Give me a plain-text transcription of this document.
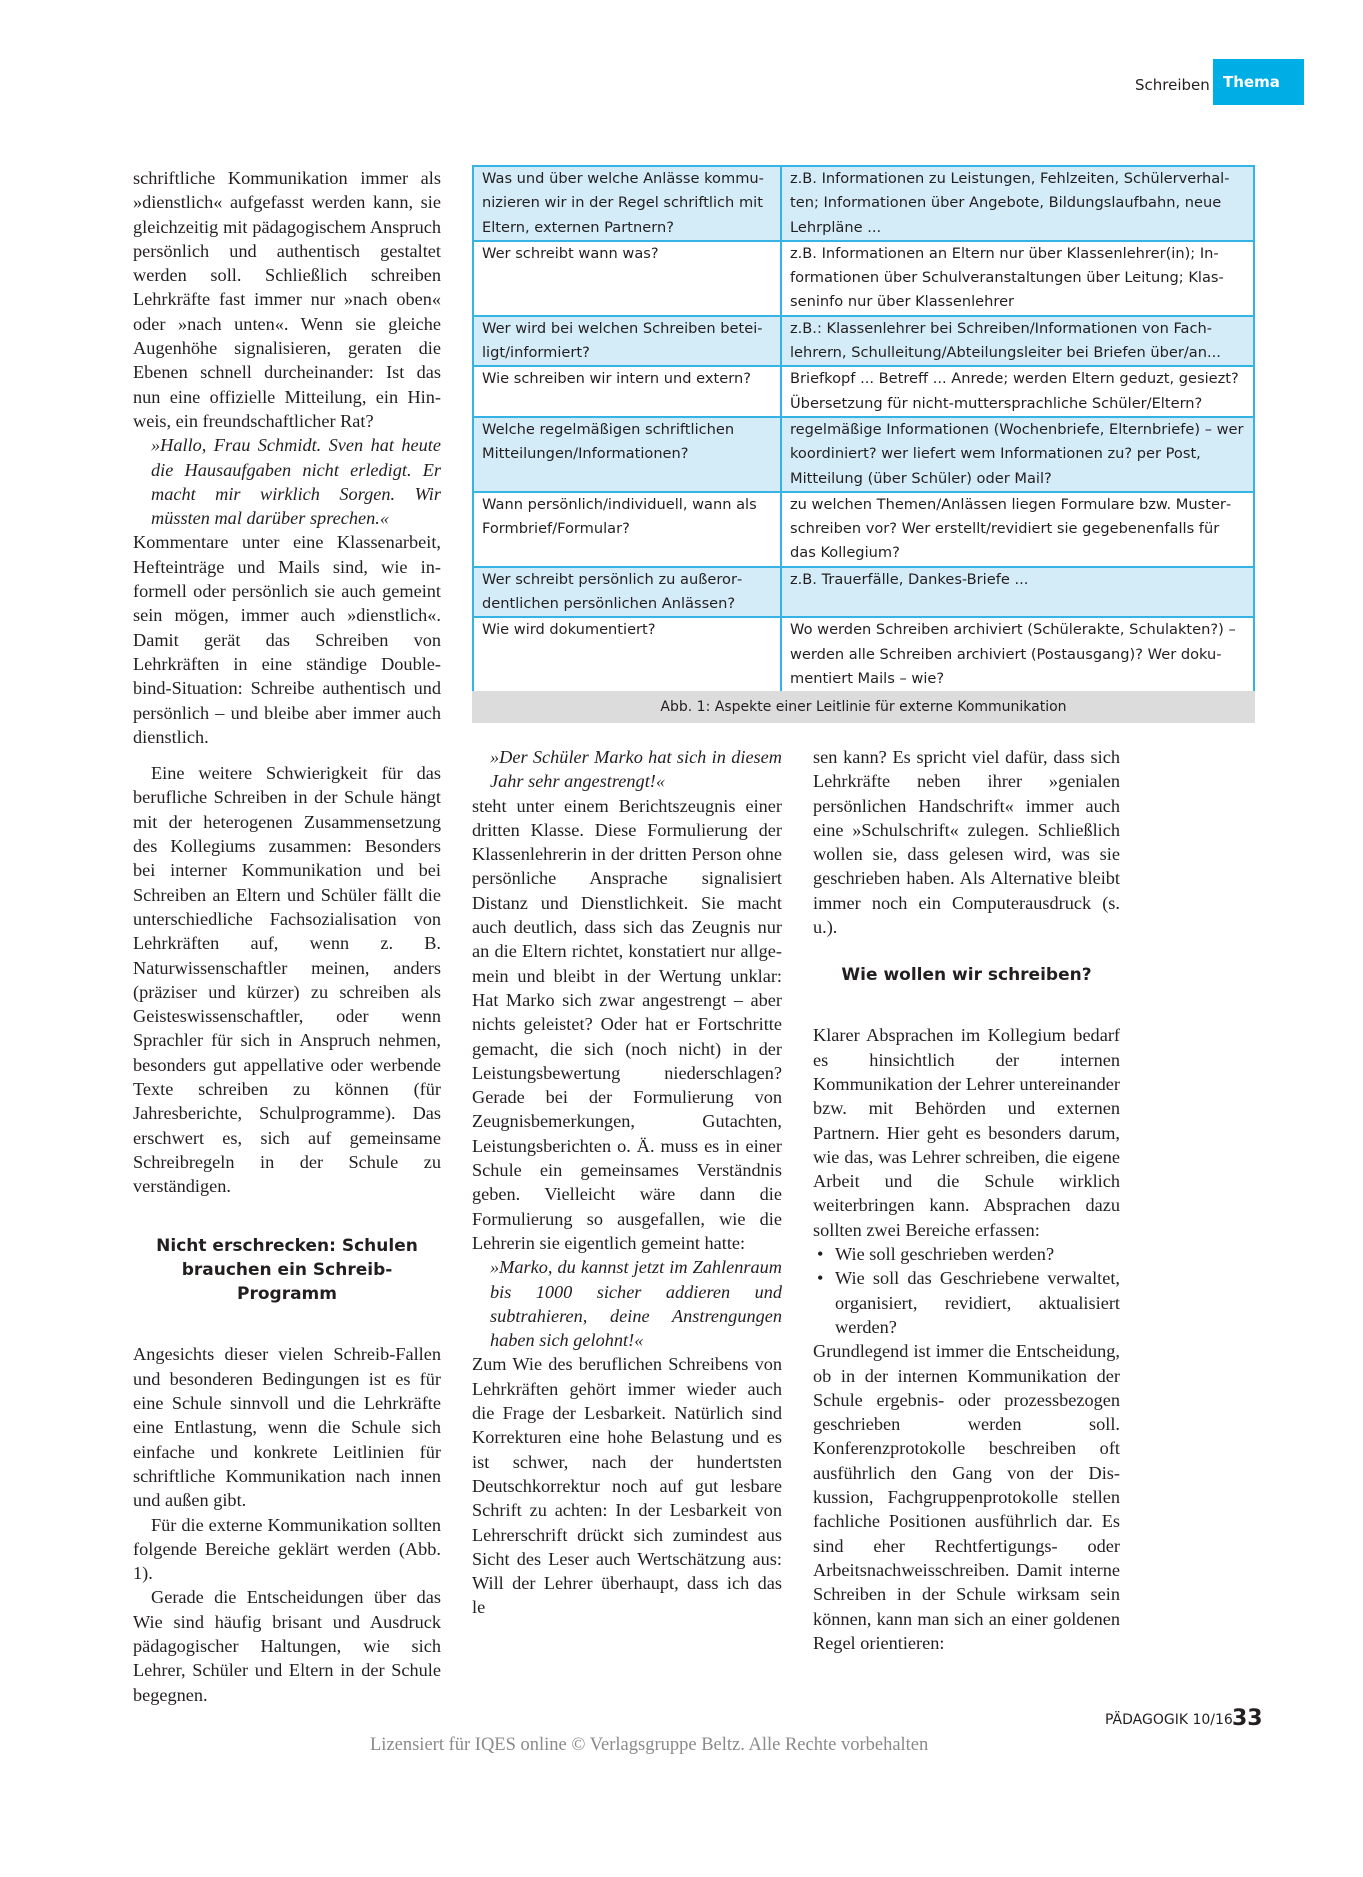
Schreiben Thema

schriftliche Kommunikation immer als »dienstlich« aufgefasst werden kann, sie gleichzeitig mit pädagogischem Anspruch persönlich und authentisch gestaltet werden soll. Schließlich schreiben Lehrkräfte fast immer nur »nach oben« oder »nach unten«. Wenn sie gleiche Augenhöhe signalisieren, geraten die Ebenen schnell durcheinander: Ist das nun eine offizielle Mitteilung, ein Hinweis, ein freundschaftlicher Rat?

»Hallo, Frau Schmidt. Sven hat heute die Hausaufgaben nicht erledigt. Er macht mir wirklich Sorgen. Wir müssten mal darüber sprechen.«

Kommentare unter eine Klassenarbeit, Hefteinträge und Mails sind, wie informell oder persönlich sie auch gemeint sein mögen, immer auch »dienstlich«. Damit gerät das Schreiben von Lehrkräften in eine ständige Double-bind-Situation: Schreibe authentisch und persönlich – und bleibe aber immer auch dienstlich.

Eine weitere Schwierigkeit für das berufliche Schreiben in der Schule hängt mit der heterogenen Zusammensetzung des Kollegiums zusammen: Besonders bei interner Kommunikation und bei Schreiben an Eltern und Schüler fällt die unterschiedliche Fachsozialisation von Lehrkräften auf, wenn z. B. Naturwissenschaftler meinen, anders (präziser und kürzer) zu schreiben als Geisteswissenschaftler, oder wenn Sprachler für sich in Anspruch nehmen, besonders gut appellative oder werbende Texte schreiben zu können (für Jahresberichte, Schulprogramme). Das erschwert es, sich auf gemeinsame Schreibregeln in der Schule zu verständigen.

Nicht erschrecken: Schulen brauchen ein Schreib-Programm

Angesichts dieser vielen Schreib-Fallen und besonderen Bedingungen ist es für eine Schule sinnvoll und die Lehrkräfte eine Entlastung, wenn die Schule sich einfache und konkrete Leitlinien für schriftliche Kommunikation nach innen und außen gibt.

Für die externe Kommunikation sollten folgende Bereiche geklärt werden (Abb. 1).

Gerade die Entscheidungen über das Wie sind häufig brisant und Ausdruck pädagogischer Haltungen, wie sich Lehrer, Schüler und Eltern in der Schule begegnen.

Was und über welche Anlässe kommunizieren wir in der Regel schriftlich mit Eltern, externen Partnern?	z.B. Informationen zu Leistungen, Fehlzeiten, Schülerverhalten; Informationen über Angebote, Bildungslaufbahn, neue Lehrpläne ...
Wer schreibt wann was?	z.B. Informationen an Eltern nur über Klassenlehrer(in); Informationen über Schulveranstaltungen über Leitung; Klasseninfo nur über Klassenlehrer
Wer wird bei welchen Schreiben beteiligt/informiert?	z.B.: Klassenlehrer bei Schreiben/Informationen von Fachlehrern, Schulleitung/Abteilungsleiter bei Briefen über/an...
Wie schreiben wir intern und extern?	Briefkopf ... Betreff ... Anrede; werden Eltern geduzt, gesiezt? Übersetzung für nicht-muttersprachliche Schüler/Eltern?
Welche regelmäßigen schriftlichen Mitteilungen/Informationen?	regelmäßige Informationen (Wochenbriefe, Elternbriefe) – wer koordiniert? wer liefert wem Informationen zu? per Post, Mitteilung (über Schüler) oder Mail?
Wann persönlich/individuell, wann als Formbrief/Formular?	zu welchen Themen/Anlässen liegen Formulare bzw. Musterschreiben vor? Wer erstellt/revidiert sie gegebenenfalls für das Kollegium?
Wer schreibt persönlich zu außerordentlichen persönlichen Anlässen?	z.B. Trauerfälle, Dankes-Briefe ...
Wie wird dokumentiert?	Wo werden Schreiben archiviert (Schülerakte, Schulakten?) – werden alle Schreiben archiviert (Postausgang)? Wer dokumentiert Mails – wie?
Abb. 1: Aspekte einer Leitlinie für externe Kommunikation

»Der Schüler Marko hat sich in diesem Jahr sehr angestrengt!«

steht unter einem Berichtszeugnis einer dritten Klasse. Diese Formulierung der Klassenlehrerin in der dritten Person ohne persönliche Ansprache signalisiert Distanz und Dienstlichkeit. Sie macht auch deutlich, dass sich das Zeugnis nur an die Eltern richtet, konstatiert nur allgemein und bleibt in der Wertung unklar: Hat Marko sich zwar angestrengt – aber nichts geleistet? Oder hat er Fortschritte gemacht, die sich (noch nicht) in der Leistungsbewertung niederschlagen? Gerade bei der Formulierung von Zeugnisbemerkungen, Gutachten, Leistungsberichten o. Ä. muss es in einer Schule ein gemeinsames Verständnis geben. Vielleicht wäre dann die Formulierung so ausgefallen, wie die Lehrerin sie eigentlich gemeint hatte:

»Marko, du kannst jetzt im Zahlenraum bis 1000 sicher addieren und subtrahieren, deine Anstrengungen haben sich gelohnt!«

Zum Wie des beruflichen Schreibens von Lehrkräften gehört immer wieder auch die Frage der Lesbarkeit. Natürlich sind Korrekturen eine hohe Belastung und es ist schwer, nach der hundertsten Deutschkorrektur noch auf gut lesbare Schrift zu achten: In der Lesbarkeit von Lehrerschrift drückt sich zumindest aus Sicht des Leser auch Wertschätzung aus: Will der Lehrer überhaupt, dass ich das le

sen kann? Es spricht viel dafür, dass sich Lehrkräfte neben ihrer »genialen persönlichen Handschrift« immer auch eine »Schulschrift« zulegen. Schließlich wollen sie, dass gelesen wird, was sie geschrieben haben. Als Alternative bleibt immer noch ein Computerausdruck (s. u.).

Wie wollen wir schreiben?

Klarer Absprachen im Kollegium bedarf es hinsichtlich der internen Kommunikation der Lehrer untereinander bzw. mit Behörden und externen Partnern. Hier geht es besonders darum, wie das, was Lehrer schreiben, die eigene Arbeit und die Schule wirklich weiterbringen kann. Absprachen dazu sollten zwei Bereiche erfassen:

• Wie soll geschrieben werden?
• Wie soll das Geschriebene verwaltet, organisiert, revidiert, aktualisiert werden?

Grundlegend ist immer die Entscheidung, ob in der internen Kommunikation der Schule ergebnis- oder prozessbezogen geschrieben werden soll. Konferenzprotokolle beschreiben oft ausführlich den Gang von der Diskussion, Fachgruppenprotokolle stellen fachliche Positionen ausführlich dar. Es sind eher Rechtfertigungs- oder Arbeitsnachweisschreiben. Damit interne Schreiben in der Schule wirksam sein können, kann man sich an einer goldenen Regel orientieren:

PÄDAGOGIK 10/16 33
Lizensiert für IQES online © Verlagsgruppe Beltz. Alle Rechte vorbehalten
